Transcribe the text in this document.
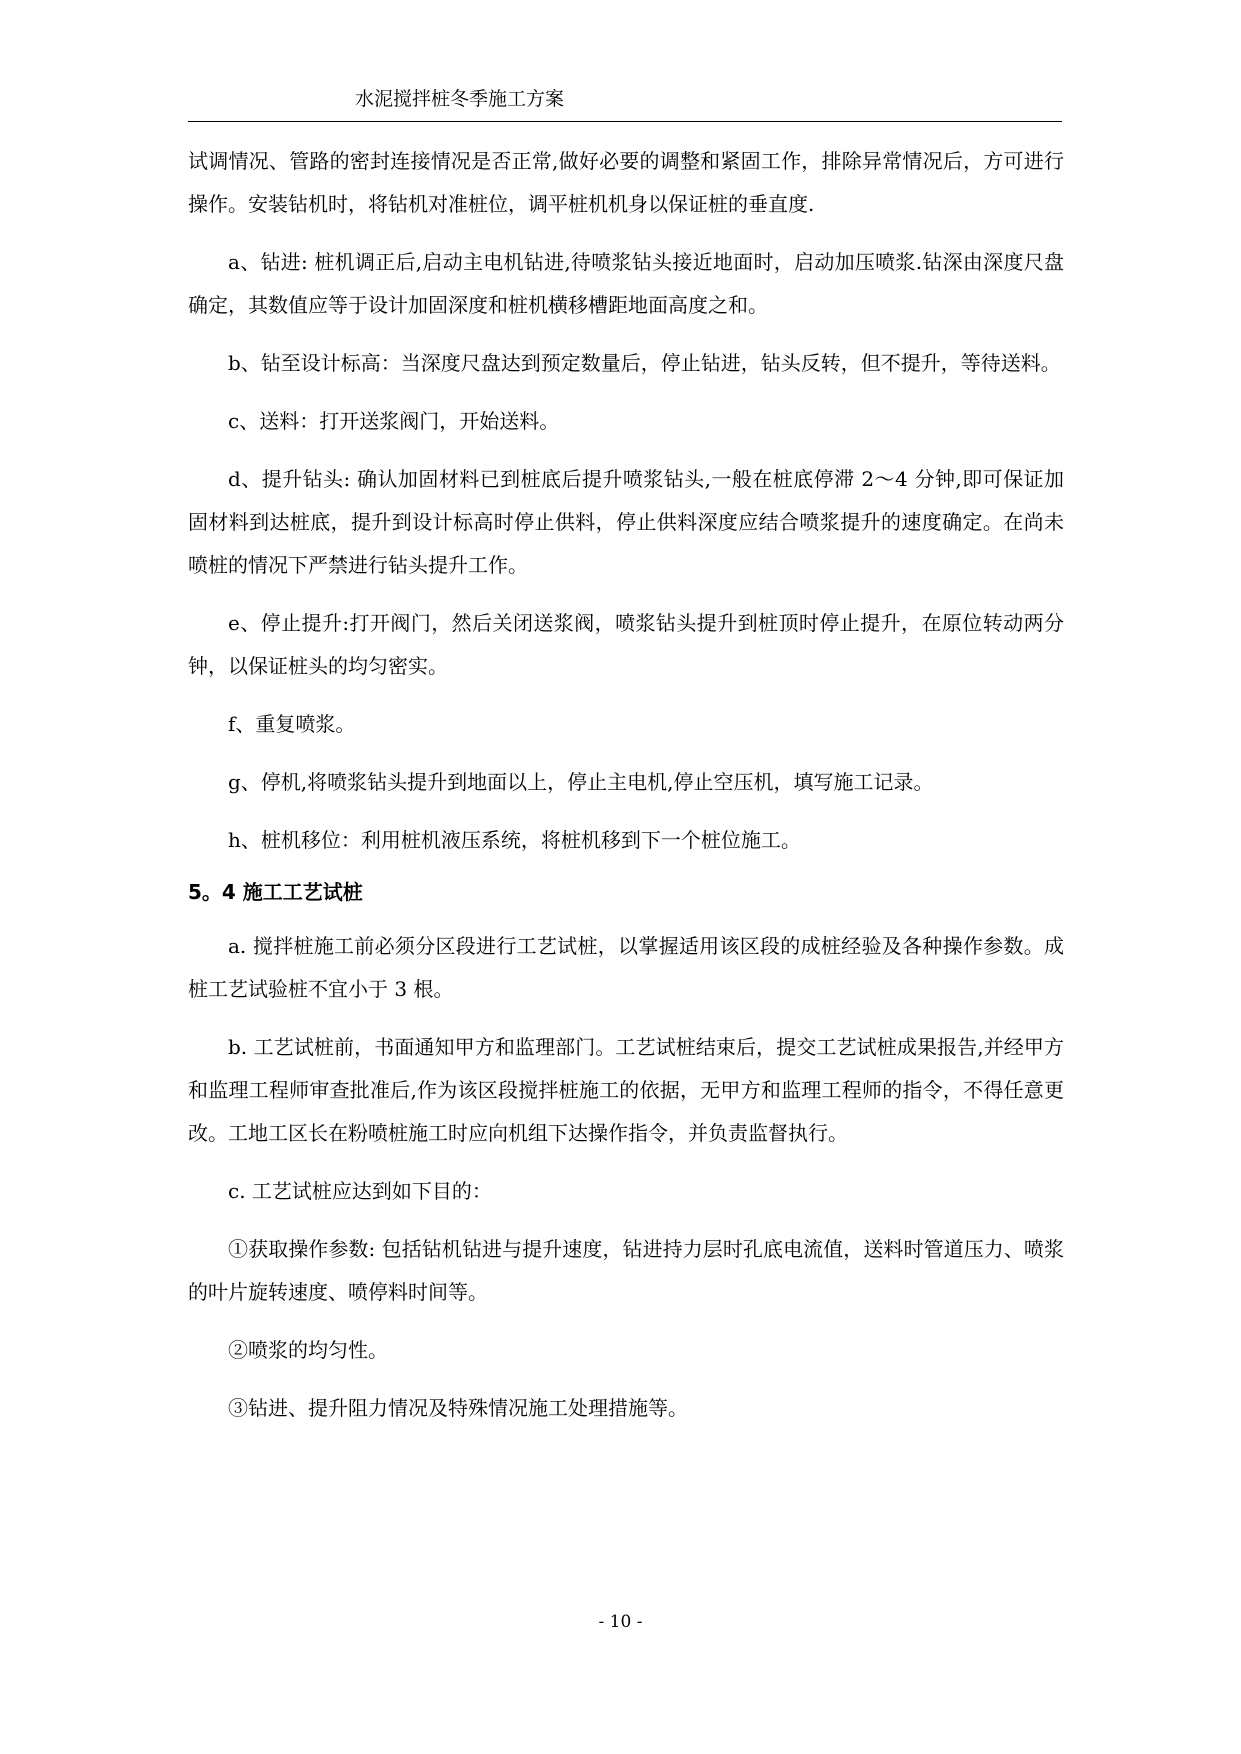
水泥搅拌桩冬季施工方案

试调情况、管路的密封连接情况是否正常,做好必要的调整和紧固工作，排除异常情况后，方可进行操作。安装钻机时，将钻机对准桩位，调平桩机机身以保证桩的垂直度.

a、钻进: 桩机调正后,启动主电机钻进,待喷浆钻头接近地面时，启动加压喷浆.钻深由深度尺盘确定，其数值应等于设计加固深度和桩机横移槽距地面高度之和。

b、钻至设计标高：当深度尺盘达到预定数量后，停止钻进，钻头反转，但不提升，等待送料。

c、送料：打开送浆阀门，开始送料。

d、提升钻头: 确认加固材料已到桩底后提升喷浆钻头,一般在桩底停滞 2～4 分钟,即可保证加固材料到达桩底，提升到设计标高时停止供料，停止供料深度应结合喷浆提升的速度确定。在尚未喷桩的情况下严禁进行钻头提升工作。

e、停止提升:打开阀门，然后关闭送浆阀，喷浆钻头提升到桩顶时停止提升，在原位转动两分钟，以保证桩头的均匀密实。

f、重复喷浆。

g、停机,将喷浆钻头提升到地面以上，停止主电机,停止空压机，填写施工记录。

h、桩机移位：利用桩机液压系统，将桩机移到下一个桩位施工。

5。4 施工工艺试桩

a. 搅拌桩施工前必须分区段进行工艺试桩，以掌握适用该区段的成桩经验及各种操作参数。成桩工艺试验桩不宜小于 3 根。

b. 工艺试桩前，书面通知甲方和监理部门。工艺试桩结束后，提交工艺试桩成果报告,并经甲方和监理工程师审查批准后,作为该区段搅拌桩施工的依据，无甲方和监理工程师的指令，不得任意更改。工地工区长在粉喷桩施工时应向机组下达操作指令，并负责监督执行。

c. 工艺试桩应达到如下目的：

①获取操作参数: 包括钻机钻进与提升速度，钻进持力层时孔底电流值，送料时管道压力、喷浆的叶片旋转速度、喷停料时间等。

②喷浆的均匀性。

③钻进、提升阻力情况及特殊情况施工处理措施等。

- 10 -
